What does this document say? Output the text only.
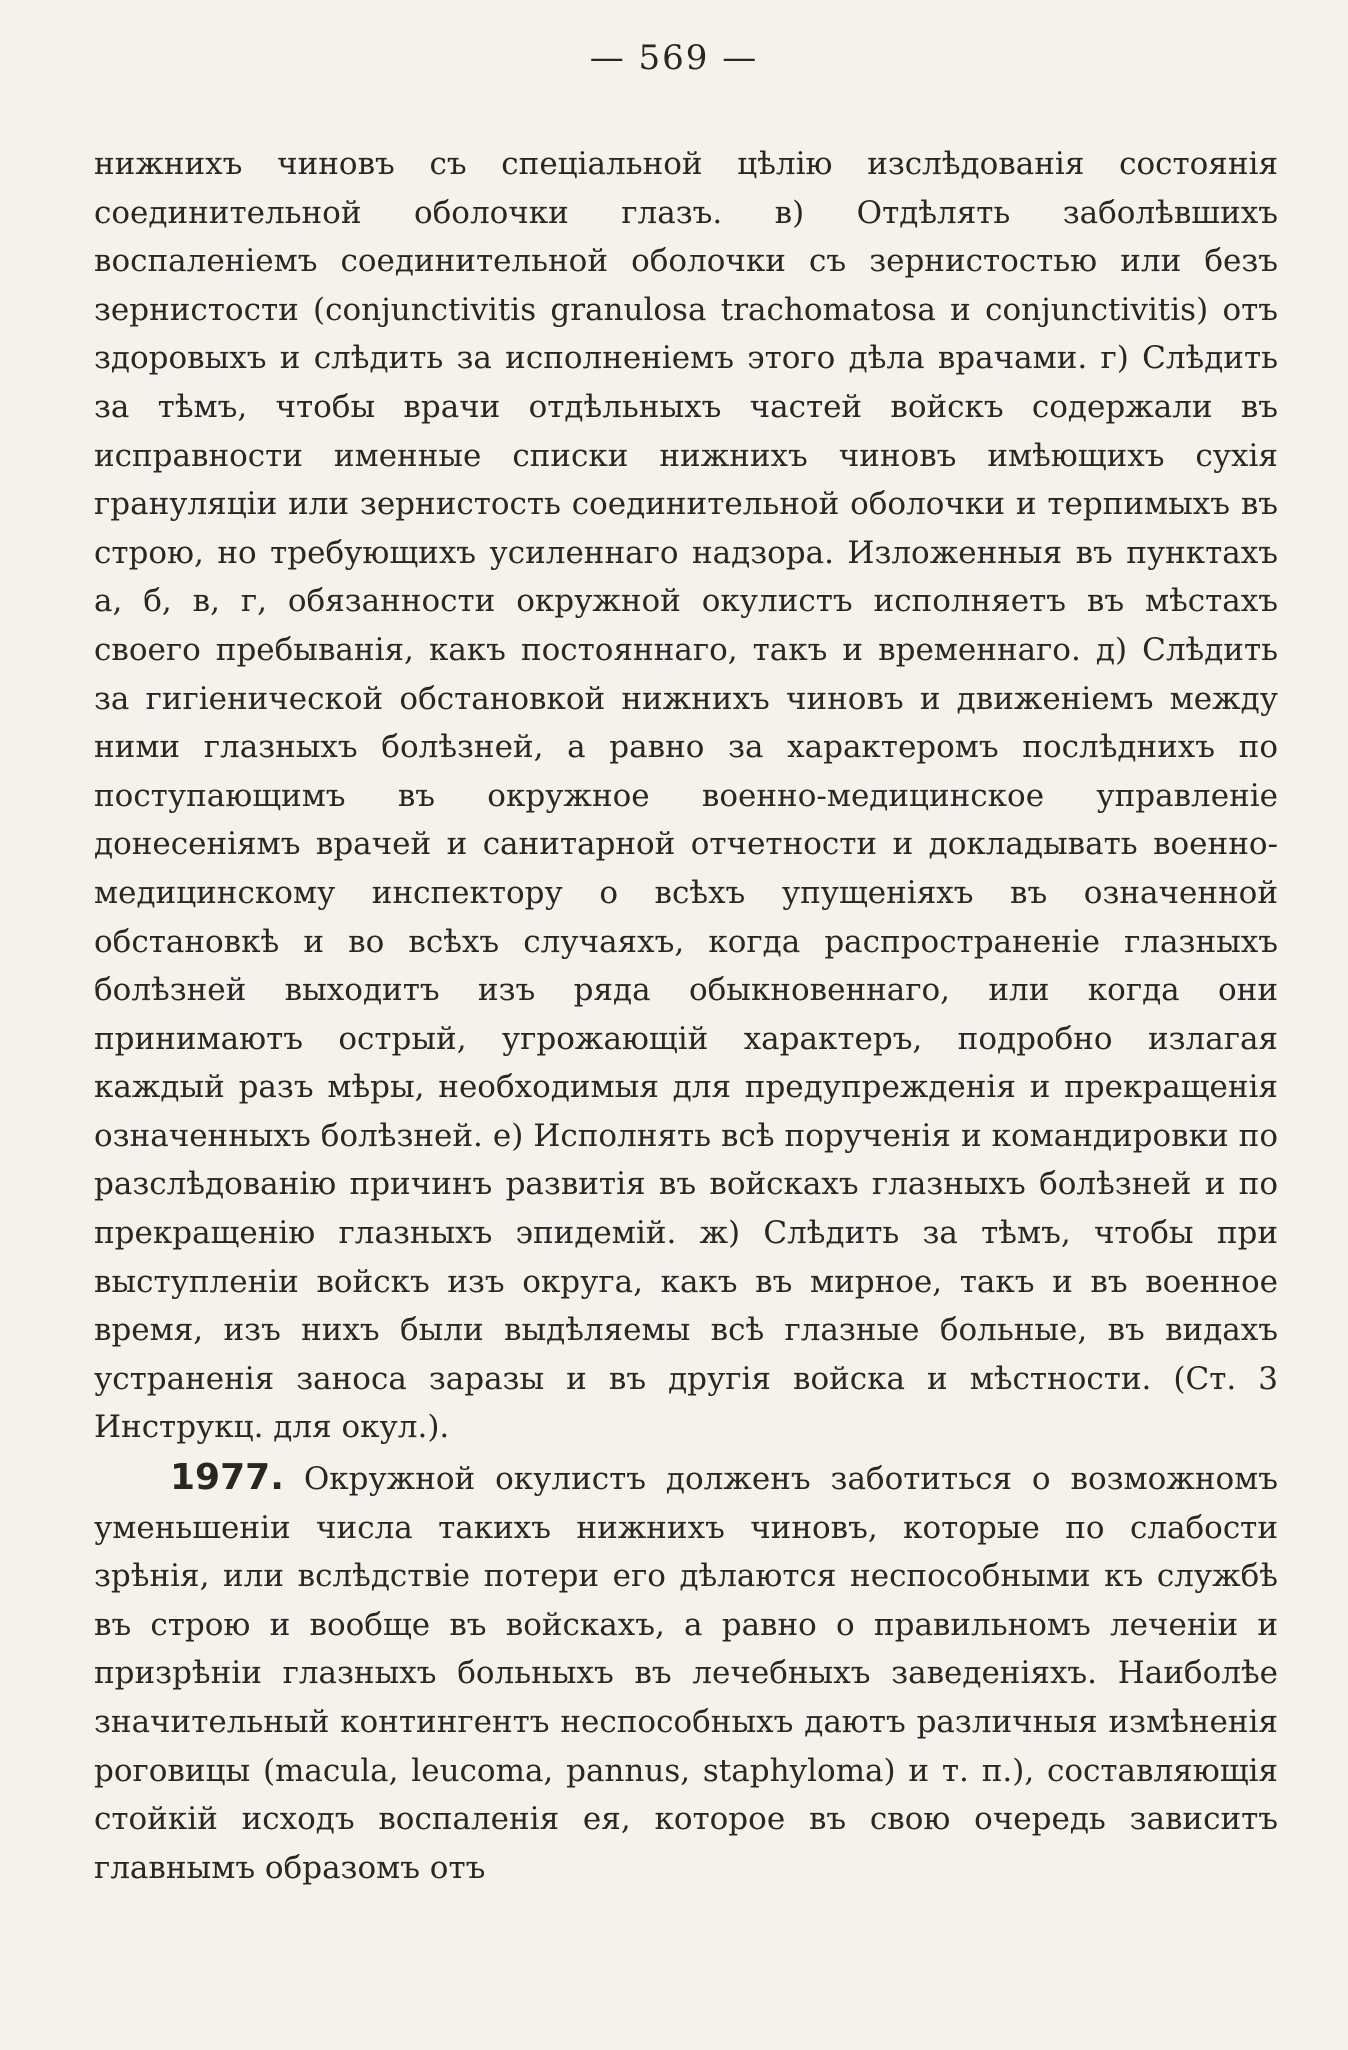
— 569 —

нижнихъ чиновъ съ спеціальной цѣлію изслѣдованія состоянія соединительной оболочки глазъ. в) Отдѣлять заболѣвшихъ воспаленіемъ соединительной оболочки съ зернистостью или безъ зернистости (conjunctivitis granulosa trachomatosa и conjunctivitis) отъ здоровыхъ и слѣдить за исполненіемъ этого дѣла врачами. г) Слѣдить за тѣмъ, чтобы врачи отдѣльныхъ частей войскъ содержали въ исправности именные списки нижнихъ чиновъ имѣющихъ сухія грануляціи или зернистость соединительной оболочки и терпимыхъ въ строю, но требующихъ усиленнаго надзора. Изложенныя въ пунктахъ а, б, в, г, обязанности окружной окулистъ исполняетъ въ мѣстахъ своего пребыванія, какъ постояннаго, такъ и временнаго. д) Слѣдить за гигіенической обстановкой нижнихъ чиновъ и движеніемъ между ними глазныхъ болѣзней, а равно за характеромъ послѣднихъ по поступающимъ въ окружное военно-медицинское управленіе донесеніямъ врачей и санитарной отчетности и докладывать военно-медицинскому инспектору о всѣхъ упущеніяхъ въ означенной обстановкѣ и во всѣхъ случаяхъ, когда распространеніе глазныхъ болѣзней выходитъ изъ ряда обыкновеннаго, или когда они принимаютъ острый, угрожающій характеръ, подробно излагая каждый разъ мѣры, необходимыя для предупрежденія и прекращенія означенныхъ болѣзней. е) Исполнять всѣ порученія и командировки по разслѣдованію причинъ развитія въ войскахъ глазныхъ болѣзней и по прекращенію глазныхъ эпидемій. ж) Слѣдить за тѣмъ, чтобы при выступленіи войскъ изъ округа, какъ въ мирное, такъ и въ военное время, изъ нихъ были выдѣляемы всѣ глазные больные, въ видахъ устраненія заноса заразы и въ другія войска и мѣстности. (Ст. 3 Инструкц. для окул.).

1977. Окружной окулистъ долженъ заботиться о возможномъ уменьшеніи числа такихъ нижнихъ чиновъ, которые по слабости зрѣнія, или вслѣдствіе потери его дѣлаются неспособными къ службѣ въ строю и вообще въ войскахъ, а равно о правильномъ леченіи и призрѣніи глазныхъ больныхъ въ лечебныхъ заведеніяхъ. Наиболѣе значительный контингентъ неспособныхъ даютъ различныя измѣненія роговицы (macula, leucoma, pannus, staphyloma) и т. п.), составляющія стойкій исходъ воспаленія ея, которое въ свою очередь зависитъ главнымъ образомъ отъ
